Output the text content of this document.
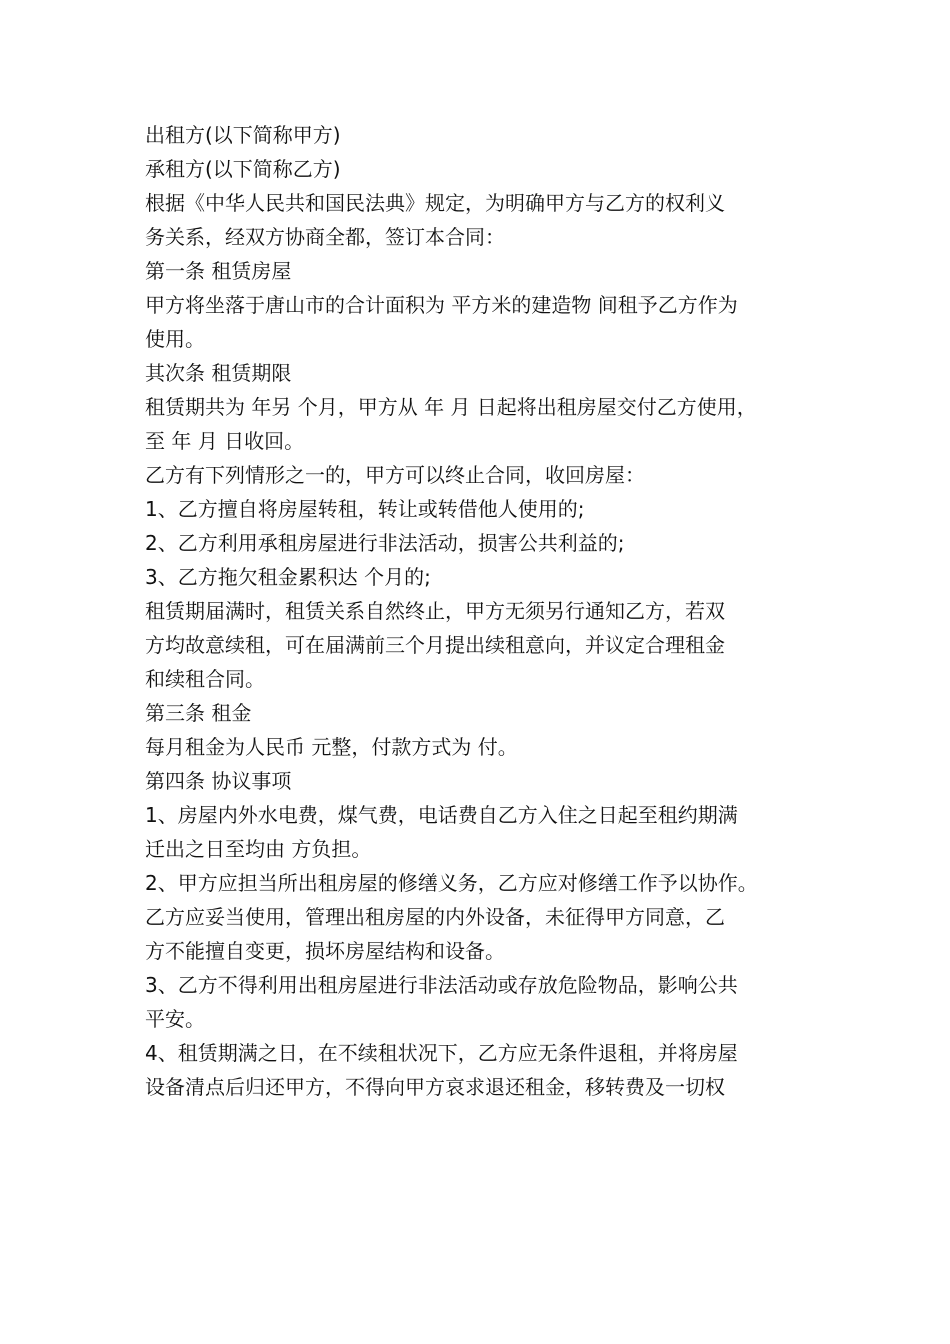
出租方(以下简称甲方)
承租方(以下简称乙方)
根据《中华人民共和国民法典》规定，为明确甲方与乙方的权利义
务关系，经双方协商全都，签订本合同：
第一条 租赁房屋
甲方将坐落于唐山市的合计面积为 平方米的建造物 间租予乙方作为
使用。
其次条 租赁期限
租赁期共为 年另 个月，甲方从 年 月 日起将出租房屋交付乙方使用，
至 年 月 日收回。
乙方有下列情形之一的，甲方可以终止合同，收回房屋：
1、乙方擅自将房屋转租，转让或转借他人使用的;
2、乙方利用承租房屋进行非法活动，损害公共利益的;
3、乙方拖欠租金累积达 个月的;
租赁期届满时，租赁关系自然终止，甲方无须另行通知乙方，若双
方均故意续租，可在届满前三个月提出续租意向，并议定合理租金
和续租合同。
第三条 租金
每月租金为人民币 元整，付款方式为 付。
第四条 协议事项
1、房屋内外水电费，煤气费，电话费自乙方入住之日起至租约期满
迁出之日至均由 方负担。
2、甲方应担当所出租房屋的修缮义务，乙方应对修缮工作予以协作。
乙方应妥当使用，管理出租房屋的内外设备，未征得甲方同意，乙
方不能擅自变更，损坏房屋结构和设备。
3、乙方不得利用出租房屋进行非法活动或存放危险物品，影响公共
平安。
4、租赁期满之日，在不续租状况下，乙方应无条件退租，并将房屋
设备清点后归还甲方，不得向甲方哀求退还租金，移转费及一切权
